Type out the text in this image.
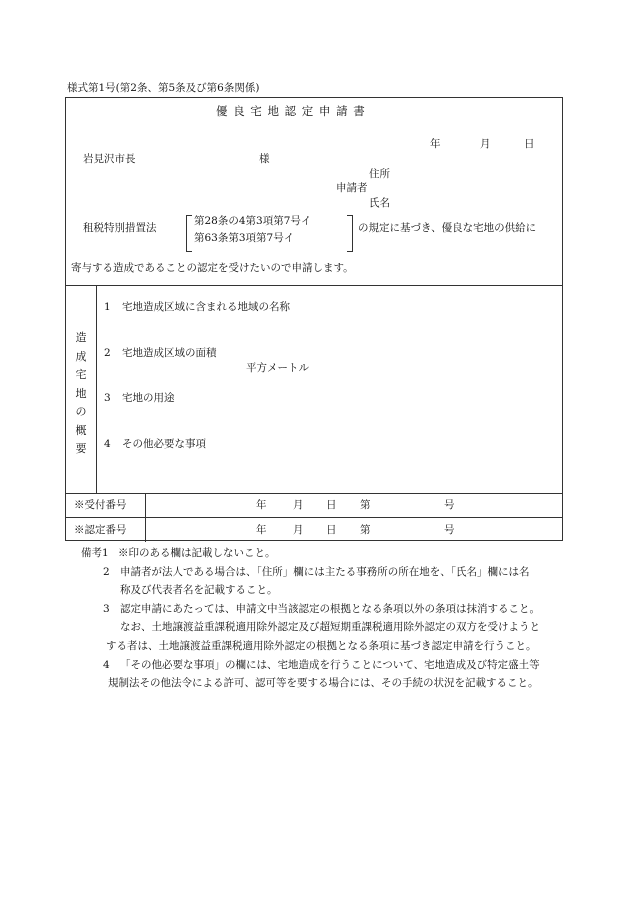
様式第1号(第2条、第5条及び第6条関係)
優 良 宅 地 認 定 申 請 書
年	月	日
岩見沢市長	様
住所
申請者
氏名
租税特別措置法
第28条の4第3項第7号イ
第63条第3項第7号イ
の規定に基づき、優良な宅地の供給に
寄与する造成であることの認定を受けたいので申請します。
造
成
宅
地
の
概
要
1 宅地造成区域に含まれる地域の名称
2 宅地造成区域の面積
平方メートル
3 宅地の用途
4 その他必要な事項
※受付番号	年	月 日 第	号
※認定番号	年	月 日 第	号
備考1 ※印のある欄は記載しないこと。
2 申請者が法人である場合は、「住所」欄には主たる事務所の所在地を、「氏名」欄には名
称及び代表者名を記載すること。
3 認定申請にあたっては、申請文中当該認定の根拠となる条項以外の条項は抹消すること。
なお、土地譲渡益重課税適用除外認定及び超短期重課税適用除外認定の双方を受けようと
する者は、土地譲渡益重課税適用除外認定の根拠となる条項に基づき認定申請を行うこと。
4 「その他必要な事項」の欄には、宅地造成を行うことについて、宅地造成及び特定盛土等
規制法その他法令による許可、認可等を要する場合には、その手続の状況を記載すること。
